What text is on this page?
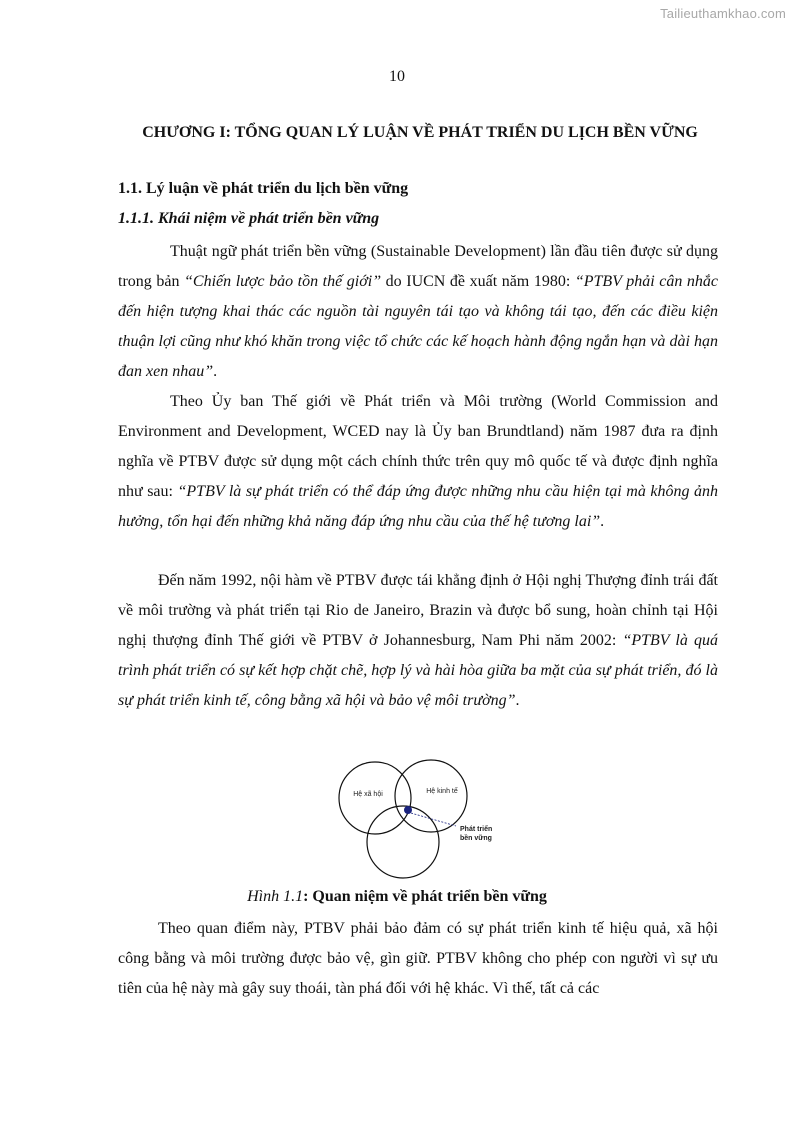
Tailieuthamkhao.com
10
CHƯƠNG I: TỔNG QUAN LÝ LUẬN VỀ PHÁT TRIỂN DU LỊCH BỀN VỮNG
1.1. Lý luận về phát triển du lịch bền vững
1.1.1. Khái niệm về phát triển bền vững

Thuật ngữ phát triển bền vững (Sustainable Development) lần đầu tiên được sử dụng trong bản “Chiến lược bảo tồn thế giới” do IUCN đề xuất năm 1980: “PTBV phải cân nhắc đến hiện tượng khai thác các nguồn tài nguyên tái tạo và không tái tạo, đến các điều kiện thuận lợi cũng như khó khăn trong việc tổ chức các kế hoạch hành động ngắn hạn và dài hạn đan xen nhau”.

Theo Ủy ban Thế giới về Phát triển và Môi trường (World Commission and Environment and Development, WCED nay là Ủy ban Brundtland) năm 1987 đưa ra định nghĩa về PTBV được sử dụng một cách chính thức trên quy mô quốc tế và được định nghĩa như sau: “PTBV là sự phát triển có thể đáp ứng được những nhu cầu hiện tại mà không ảnh hưởng, tổn hại đến những khả năng đáp ứng nhu cầu của thế hệ tương lai”.

Đến năm 1992, nội hàm về PTBV được tái khẳng định ở Hội nghị Thượng đỉnh trái đất về môi trường và phát triển tại Rio de Janeiro, Brazin và được bổ sung, hoàn chỉnh tại Hội nghị thượng đỉnh Thế giới về PTBV ở Johannesburg, Nam Phi năm 2002: “PTBV là quá trình phát triển có sự kết hợp chặt chẽ, hợp lý và hài hòa giữa ba mặt của sự phát triển, đó là sự phát triển kinh tế, công bằng xã hội và bảo vệ môi trường”.

Hệ xã hội	Hệ kinh tế
Phát triển
bền vững
Hình 1.1: Quan niệm về phát triển bền vững

Theo quan điểm này, PTBV phải bảo đảm có sự phát triển kinh tế hiệu quả, xã hội công bằng và môi trường được bảo vệ, gìn giữ. PTBV không cho phép con người vì sự ưu tiên của hệ này mà gây suy thoái, tàn phá đối với hệ khác. Vì thế, tất cả các
